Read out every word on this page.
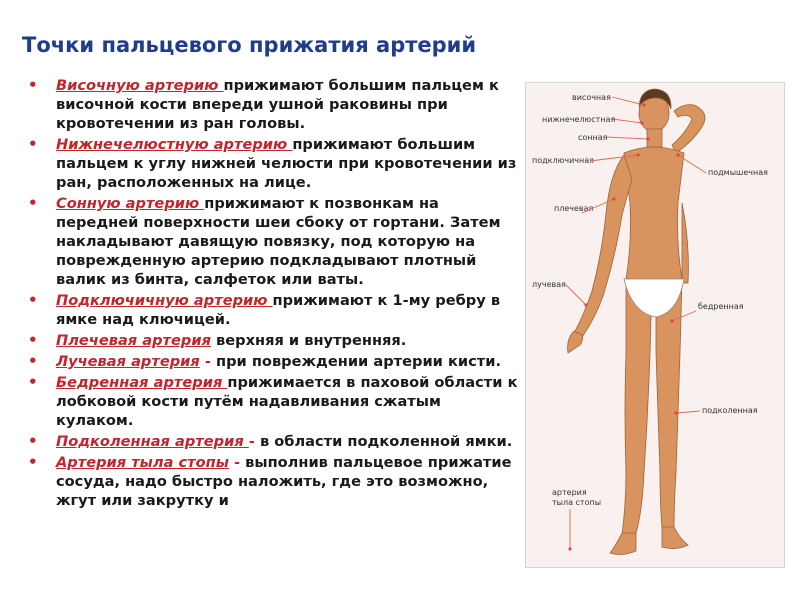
Точки пальцевого прижатия артерий
• Височную артерию прижимают большим пальцем к височной кости впереди ушной раковины при кровотечении из ран головы.
• Нижнечелюстную артерию прижимают большим пальцем к углу нижней челюсти при кровотечении из ран, расположенных на лице.
• Сонную артерию прижимают к позвонкам на передней поверхности шеи сбоку от гортани. Затем накладывают давящую повязку, под которую на поврежденную артерию подкладывают плотный валик из бинта, салфеток или ваты.
• Подключичную артерию прижимают к 1-му ребру в ямке над ключицей.
• Плечевая артерия верхняя и внутренняя.
• Лучевая артерия - при повреждении артерии кисти.
• Бедренная артерия прижимается в паховой области к лобковой кости путём надавливания сжатым кулаком.
• Подколенная артерия - в области подколенной ямки.
• Артерия тыла стопы - выполнив пальцевое прижатие сосуда, надо быстро наложить, где это возможно, жгут или закрутку и
височная
нижнечелюстная
сонная
подключичная
подмышечная
плечевая
лучевая
бедренная
подколенная
артерия
тыла стопы
